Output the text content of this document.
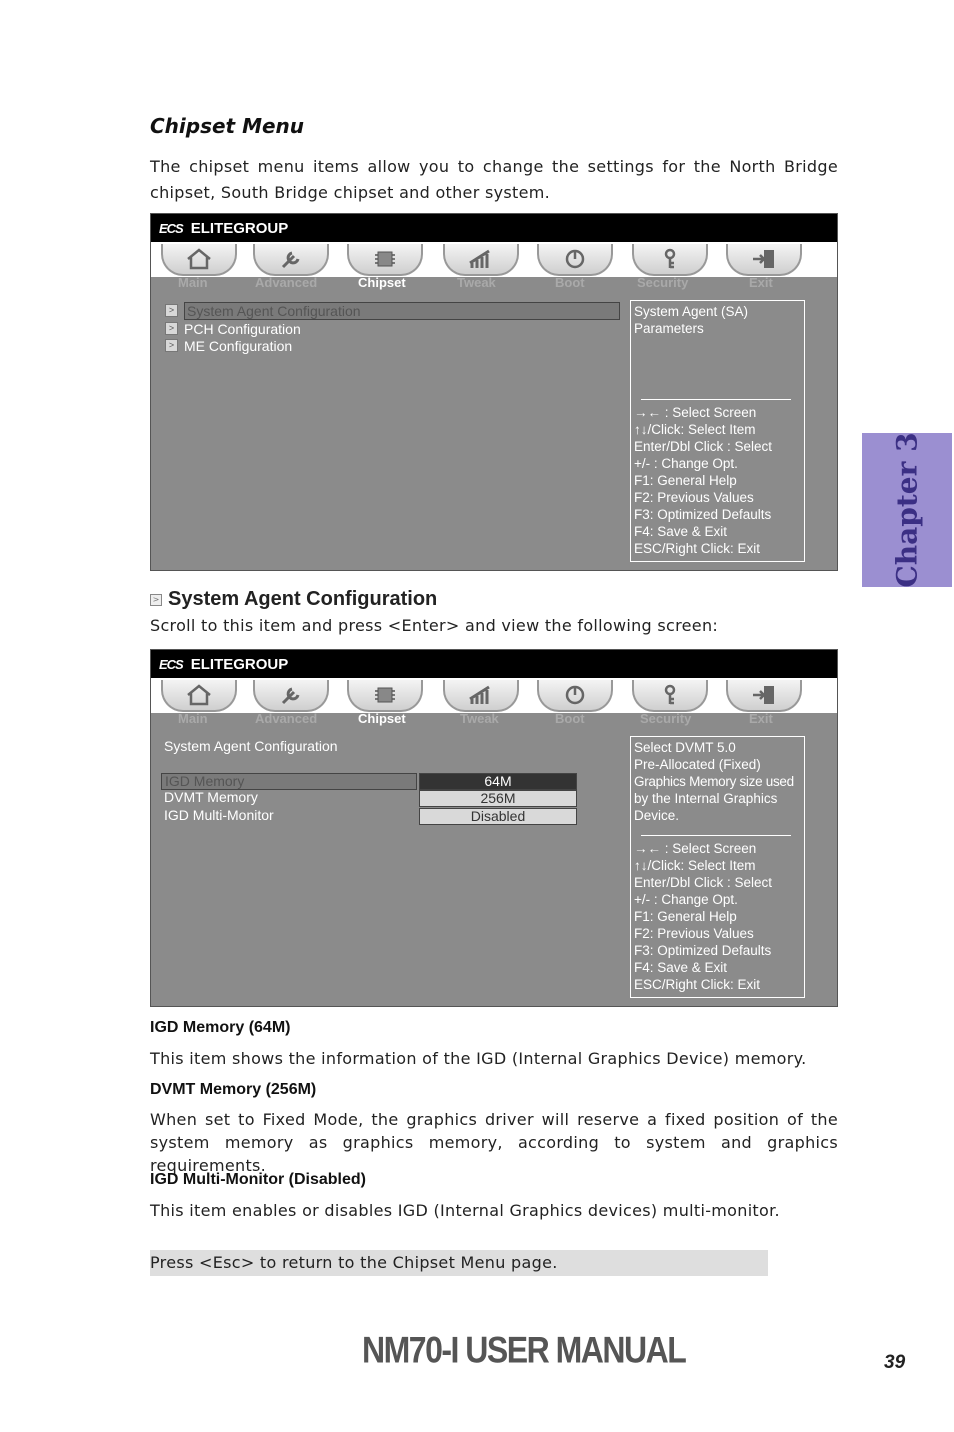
Chipset Menu
The chipset menu items allow you to change the settings for the North Bridge chipset, South Bridge chipset and other system.
ECS ELITEGROUP
Main	Advanced	Chipset	Tweak	Boot	Security	Exit
> System Agent Configuration
> PCH Configuration
> ME Configuration
System Agent (SA)
Parameters
→← : Select Screen
↑↓/Click: Select Item
Enter/Dbl Click : Select
+/- : Change Opt.
F1: General Help
F2: Previous Values
F3: Optimized Defaults
F4: Save & Exit
ESC/Right Click: Exit
> System Agent Configuration
Scroll to this item and press <Enter> and view the following screen:
ECS ELITEGROUP
Main	Advanced	Chipset	Tweak	Boot	Security	Exit
System Agent Configuration
IGD Memory	64M
DVMT Memory	256M
IGD Multi-Monitor	Disabled
Select DVMT 5.0
Pre-Allocated (Fixed)
Graphics Memory size used
by the Internal Graphics
Device.
→← : Select Screen
↑↓/Click: Select Item
Enter/Dbl Click : Select
+/- : Change Opt.
F1: General Help
F2: Previous Values
F3: Optimized Defaults
F4: Save & Exit
ESC/Right Click: Exit
IGD Memory (64M)
This item shows the information of the IGD (Internal Graphics Device) memory.
DVMT Memory (256M)
When set to Fixed Mode, the graphics driver will reserve a fixed position of the system memory as graphics memory, according to system and graphics requirements.
IGD Multi-Monitor (Disabled)
This item enables or disables IGD (Internal Graphics devices) multi-monitor.
Press <Esc> to return to the Chipset Menu page.
Chapter 3
NM70-I USER MANUAL	39
